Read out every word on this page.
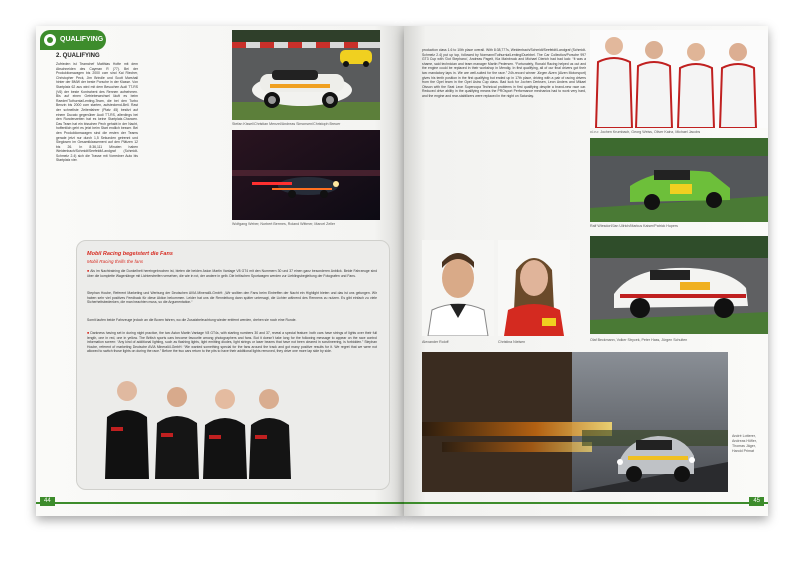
QUALIFYING
2. QUALIFYING
Zufrieden ist Teamchef Matthias Hofte mit dem Abschneiden des Cayman R (77). Bei der Produktionswagen bis 2000 ccm sind Kai Riecher, Christopher Peck, Jim Brindle und Scott Marshall hinter der BMW der beste Porsche in der Klasse. Von Startplatz 62 aus wird mit dem Besuchen Audi TT-RS (V6) der beste Kontrahent des Rennen aufnehmen. Bis auf einen Getriebewechsel läuft es beim Raeder/Tuthurnia/Lenting-Team, die bei den Turbo Benzin bis 2000 ccm starten, aufsteckend-Bell. Rast der schnellste Zeitenfahrer (Platz 45) besitzt auf einem Ducato gegenüber Audi TT-RS, allerdings bei den Rundenzeiten hat es keine Startplatz-Chancen. Das Team hat ein bisschen Pech gehabt in der Nacht, hoffentlich geht es jetzt beim Start endlich besser. Bei den Produktionswagen sind die ersten der Teams gerade jetzt nur durch 1,5 Sekunden getrennt und Sieglosen im Gesamtklassement auf den Plätzen 12 bis 26. In 8:36,111 Minuten haben Weidenbach/Schmidt/Seefeldt/Landgraf (Schmidt-Schmelz 2.4) sich die Trasse mit Vorredner Auto bis Startplatz vier.
Stefan Kissel/Christian Menzel/Andreas Simonsen/Christoph Breuer
Wolfgang Weber, Norbert Bermes, Roland Wittmer, Marcel Zeller
Mobil Racing begeistert die Fans
Mobil Racing thrills the fans
■ Als im Nachtraining die Dunkelheit hereingebrochen ist, bieten die beiden Aston Martin Vantage V8 GT4 mit den Nummern 30 und 37 einen ganz besonderen Anblick. Beide Fahrzeuge sind über die komplette Wagenlänge mit Lichterstreifen versehen, die wie in rot, der andere in gelb. Die britischen Sportwagen werden zur Lieblingsbegleitung der Fotografen und Fans.
Stephan Hoube, Referent Marketing und Werbung der Deutschen AVIA Mineralöl-GmbH: „Wir wollten den Fans beim Eintreffen der Nacht ein Highlight bieten und das ist uns gelungen. Wir haben sehr viel positives Feedback für diese Aktion bekommen. Leider hat uns die Rennleitung dann später untersagt, die Lichter während des Rennens zu nutzen. Es gibt einfach zu viele Sicherheitsbedenken, die man beachten muss, so die Argumentation.“
Somit laufen beide Fahrzeuge jedoch an die Boxen fahren, wo die Zusatzbeleuchtung wieder entfernt werden, drehen sie noch eine Runde.
■ Darkness having set in during night practice, the two Aston Martin Vantage V8 GT4s, with starting numbers 30 and 37, reveal a special feature: both cars have strings of lights over their full length, one in red, one in yellow. The British sports cars become favourite among photographers and fans. But it doesn’t take long for the following message to appear on the race control information screen: “Any kind of additional lighting, such as flashing lights, light emitting diodes, light strings or laser beams that have not been cleared in scrutineering, is forbidden.” Stephan Hoube, referent of marketing Deutsche AVIA Mineralöl-GmbH: “We wanted something special for the fans around the track and got many positive results for it. We regret that we were not allowed to switch those lights on during the race.” Before the two cars return to the pits to have their additional lights removed, they drive one more lap side by side.
44
production class 1.6 to 10th place overall. With 8:38,777s, Weidenbach/Schmidt/Seefeldt/Landgraf (Schmidt-Schmelz 2.4) put up top, followed by Normann/Tuthurnia/Lenting/Duebbel. The Car Collection/Porsche 997 GT3 Cup with ‘Dot Stephano’, Andreas Pageit, Kia Mainbruck and Michael Dierich had bad luck: “It was a shame, said technician and team manager Martin Pedersen. “Fortunately, Ronald Racing helped us out and the engine could be replaced in their workshop in Mendig. In first qualifying, all of our final drivers got their two mandatory laps in. We are well-suited for the race.” 24h-record winner Jürgen Alzen (Alzen Motorsport) gives his tenth position in the first qualifying but ended up in 17th place, driving with a pair of racing drivers from the Opel team in the Opel Astra Cup class. Bad luck for Jochen Derksen, Leon Anders and Mikael Olsson with the Seat Leon Supercopa Technical problems in first qualifying despite a brand-new race car. Reduced drive ability in the qualifying means the PROsport Performance mechanics had to work very hard, and the engine and rear-stabilizers were replaced in the night on Saturday.
v.l.n.r. Jochen Krumbach, Georg Weiss, Oliver Kainz, Michael Jacobs
Ralf Wiesdorf/Jan Ullrich/Markus Kaiser/Patrick Hupers
Alexander Roloff	Christina Nielsen	Olaf Beckmann, Volker Strycek, Peter Hass, Jürgen Schulten
André Lotterer, Andreas Höfler, Thomas Jäger, Harold Primat
45
